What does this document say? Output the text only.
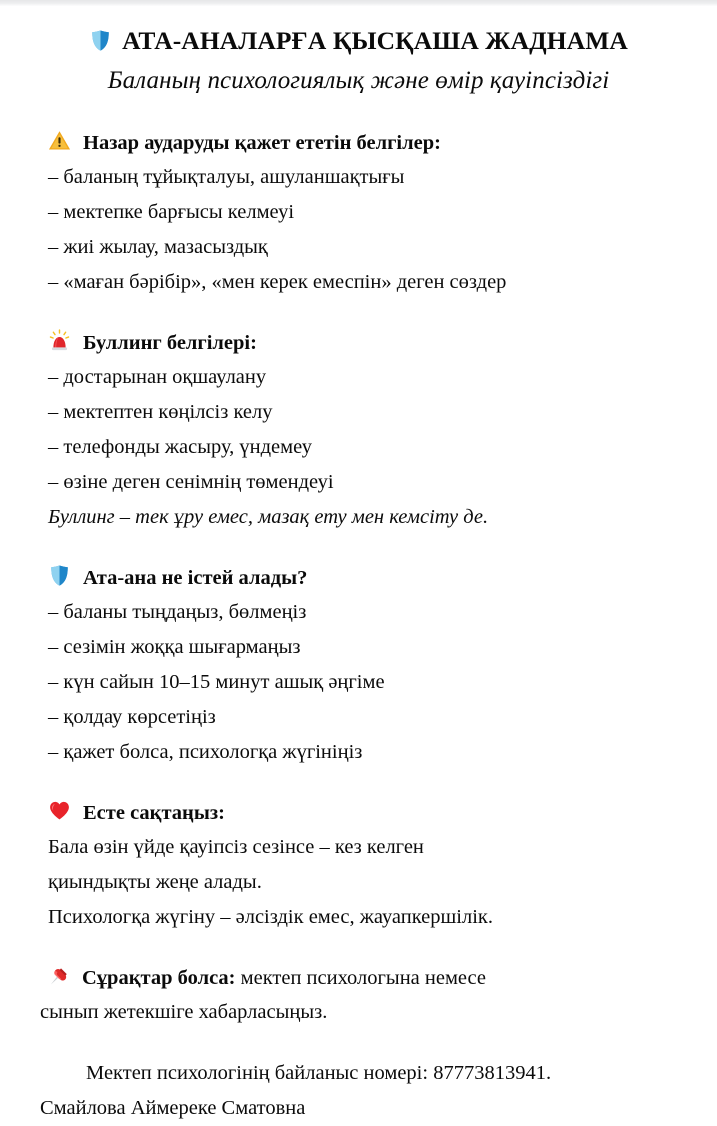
АТА-АНАЛАРҒА ҚЫСҚАША ЖАДНАМА
Баланың психологиялық және өмір қауіпсіздігі
Назар аударуды қажет ететін белгілер:
– баланың тұйықталуы, ашуланшақтығы
– мектепке барғысы келмеуі
– жиі жылау, мазасыздық
– «маған бәрібір», «мен керек емеспін» деген сөздер
Буллинг белгілері:
– достарынан оқшаулану
– мектептен көңілсіз келу
– телефонды жасыру, үндемеу
– өзіне деген сенімнің төмендеуі
Буллинг – тек ұру емес, мазақ ету мен кемсіту де.
Ата-ана не істей алады?
– баланы тыңдаңыз, бөлмеңіз
– сезімін жоққа шығармаңыз
– күн сайын 10–15 минут ашық әңгіме
– қолдау көрсетіңіз
– қажет болса, психологқа жүгініңіз
Есте сақтаңыз:
Бала өзін үйде қауіпсіз сезінсе – кез келген
қиындықты жеңе алады.
Психологқа жүгіну – әлсіздік емес, жауапкершілік.
Сұрақтар болса: мектеп психологына немесе
сынып жетекшіге хабарласыңыз.
Мектеп психологінің байланыс номері: 87773813941.
Смайлова Аймереке Сматовна
